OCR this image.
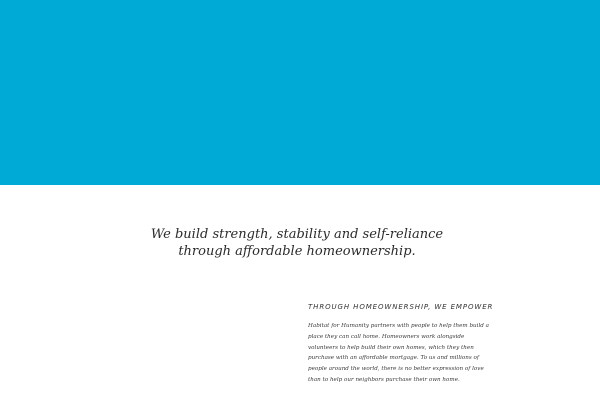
We build strength, stability and self-reliance
through affordable homeownership.
THROUGH HOMEOWNERSHIP, WE EMPOWER

Habitat for Humanity partners with people to help them build a
place they can call home. Homeowners work alongside
volunteers to help build their own homes, which they then
purchase with an affordable mortgage. To us and millions of
people around the world, there is no better expression of love
than to help our neighbors purchase their own home.
